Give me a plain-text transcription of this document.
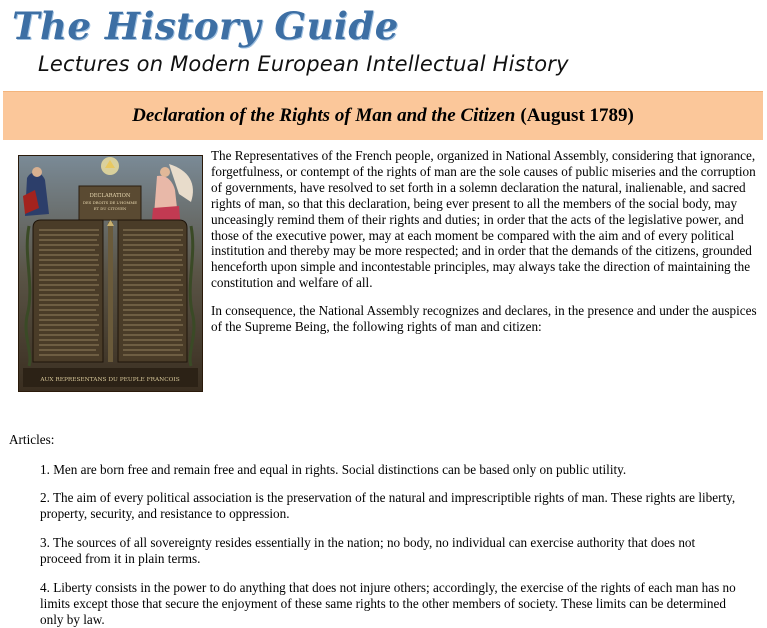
The History Guide
Lectures on Modern European Intellectual History
Declaration of the Rights of Man and the Citizen (August 1789)
DECLARATION
DES DROITS DE L'HOMME
ET DU CITOYEN
AUX REPRESENTANS DU PEUPLE FRANCOIS

The Representatives of the French people, organized in National Assembly, considering that ignorance, forgetfulness, or contempt of the rights of man are the sole causes of public miseries and the corruption of governments, have resolved to set forth in a solemn declaration the natural, inalienable, and sacred rights of man, so that this declaration, being ever present to all the members of the social body, may unceasingly remind them of their rights and duties; in order that the acts of the legislative power, and those of the executive power, may at each moment be compared with the aim and of every political institution and thereby may be more respected; and in order that the demands of the citizens, grounded henceforth upon simple and incontestable principles, may always take the direction of maintaining the constitution and welfare of all.

In consequence, the National Assembly recognizes and declares, in the presence and under the auspices of the Supreme Being, the following rights of man and citizen:

Articles:

1. Men are born free and remain free and equal in rights. Social distinctions can be based only on public utility.

2. The aim of every political association is the preservation of the natural and imprescriptible rights of man. These rights are liberty, property, security, and resistance to oppression.

3. The sources of all sovereignty resides essentially in the nation; no body, no individual can exercise authority that does not proceed from it in plain terms.

4. Liberty consists in the power to do anything that does not injure others; accordingly, the exercise of the rights of each man has no limits except those that secure the enjoyment of these same rights to the other members of society. These limits can be determined only by law.
